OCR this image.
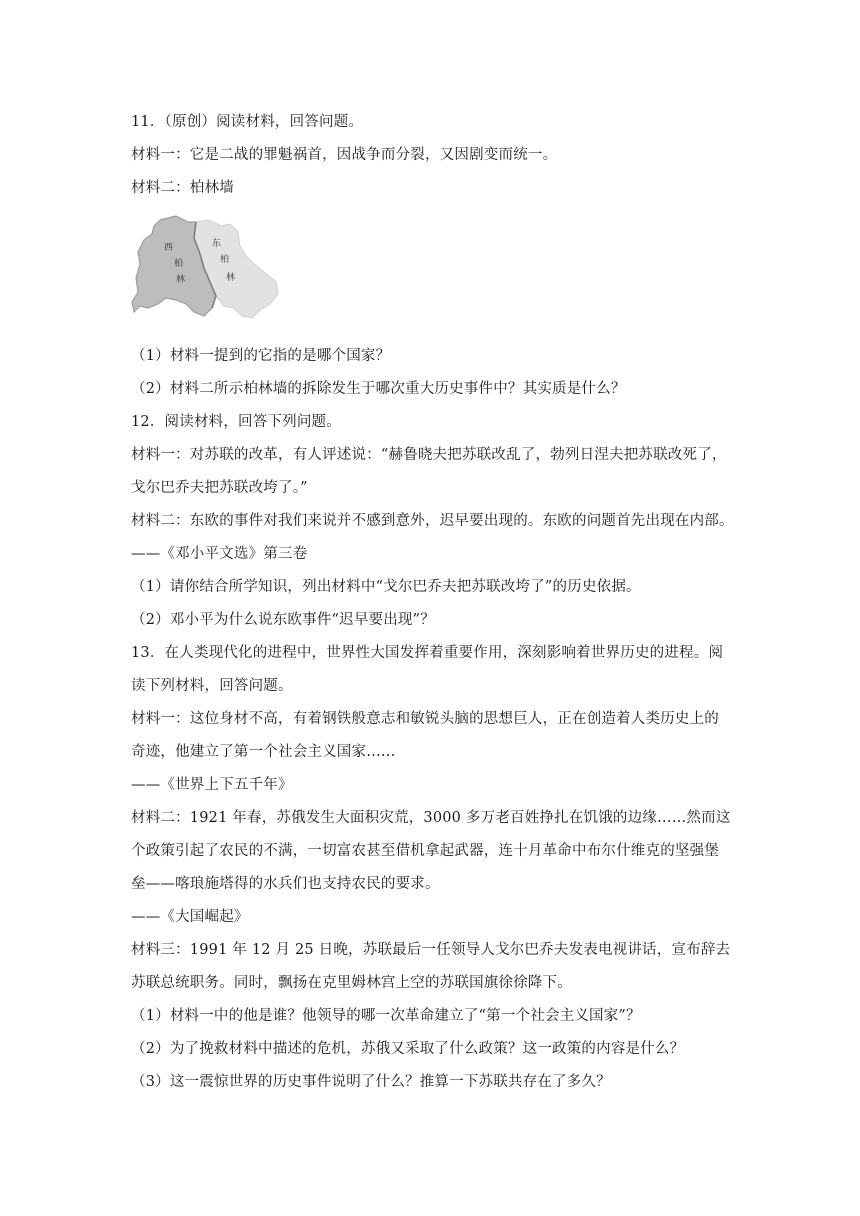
11．（原创）阅读材料，回答问题。
材料一：它是二战的罪魁祸首，因战争而分裂，又因剧变而统一。
材料二：柏林墙
西
柏
林
东
柏
林
（1）材料一提到的它指的是哪个国家？
（2）材料二所示柏林墙的拆除发生于哪次重大历史事件中？其实质是什么？
12．阅读材料，回答下列问题。
材料一：对苏联的改革，有人评述说：“赫鲁晓夫把苏联改乱了，勃列日涅夫把苏联改死了，
戈尔巴乔夫把苏联改垮了。”
材料二：东欧的事件对我们来说并不感到意外，迟早要出现的。东欧的问题首先出现在内部。
——《邓小平文选》第三卷
（1）请你结合所学知识，列出材料中“戈尔巴乔夫把苏联改垮了”的历史依据。
（2）邓小平为什么说东欧事件“迟早要出现”？
13．在人类现代化的进程中，世界性大国发挥着重要作用，深刻影响着世界历史的进程。阅
读下列材料，回答问题。
材料一：这位身材不高，有着钢铁般意志和敏锐头脑的思想巨人，正在创造着人类历史上的
奇迹，他建立了第一个社会主义国家……
——《世界上下五千年》
材料二：1921 年春，苏俄发生大面积灾荒，3000 多万老百姓挣扎在饥饿的边缘……然而这
个政策引起了农民的不满，一切富农甚至借机拿起武器，连十月革命中布尔什维克的坚强堡
垒——喀琅施塔得的水兵们也支持农民的要求。
——《大国崛起》
材料三：1991 年 12 月 25 日晚，苏联最后一任领导人戈尔巴乔夫发表电视讲话，宣布辞去
苏联总统职务。同时，飘扬在克里姆林宫上空的苏联国旗徐徐降下。
（1）材料一中的他是谁？他领导的哪一次革命建立了“第一个社会主义国家”？
（2）为了挽救材料中描述的危机，苏俄又采取了什么政策？这一政策的内容是什么？
（3）这一震惊世界的历史事件说明了什么？推算一下苏联共存在了多久？
